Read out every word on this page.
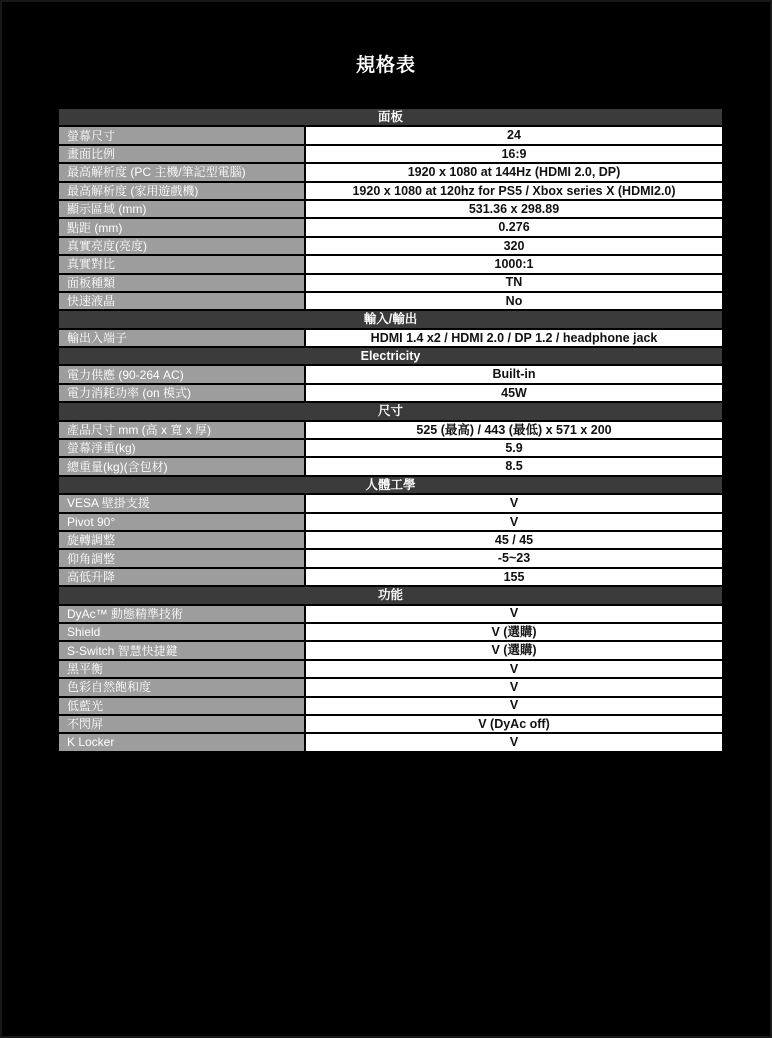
規格表
面板	
螢幕尺寸	24
畫面比例	16:9
最高解析度 (PC 主機/筆記型電腦)	1920 x 1080 at 144Hz (HDMI 2.0, DP)
最高解析度 (家用遊戲機)	1920 x 1080 at 120hz for PS5 / Xbox series X (HDMI2.0)
顯示區域 (mm)	531.36 x 298.89
點距 (mm)	0.276
真實亮度(亮度)	320
真實對比	1000:1
面板種類	TN
快速液晶	No
輸入/輸出	
輸出入端子	HDMI 1.4 x2 / HDMI 2.0 / DP 1.2 / headphone jack
Electricity	
電力供應 (90-264 AC)	Built-in
電力消耗功率 (on 模式)	45W
尺寸	
產品尺寸 mm (高 x 寬 x 厚)	525 (最高) / 443 (最低) x 571 x 200
螢幕淨重(kg)	5.9
總重量(kg)(含包材)	8.5
人體工學	
VESA 壁掛支援	V
Pivot 90°	V
旋轉調整	45 / 45
仰角調整	-5~23
高低升降	155
功能	
DyAc™ 動態精準技術	V
Shield	V (選購)
S-Switch 智慧快捷鍵	V (選購)
黑平衡	V
色彩自然飽和度	V
低藍光	V
不閃屏	V (DyAc off)
K Locker	V
